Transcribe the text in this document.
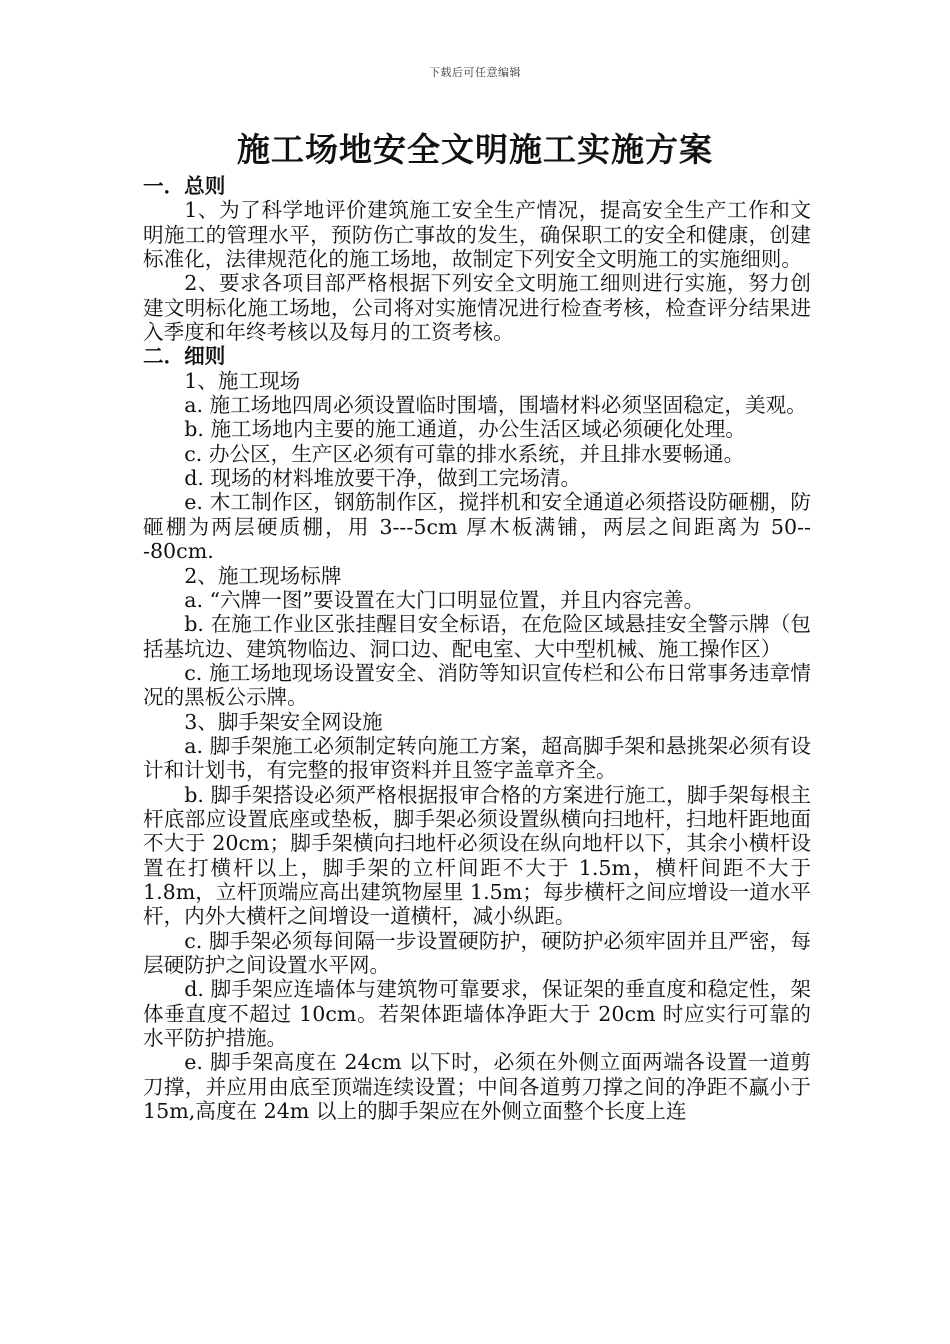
下载后可任意编辑
施工场地安全文明施工实施方案

一．总则

1、为了科学地评价建筑施工安全生产情况，提高安全生产工作和文明施工的管理水平，预防伤亡事故的发生，确保职工的安全和健康，创建标准化，法律规范化的施工场地，故制定下列安全文明施工的实施细则。

2、要求各项目部严格根据下列安全文明施工细则进行实施，努力创建文明标化施工场地，公司将对实施情况进行检查考核，检查评分结果进入季度和年终考核以及每月的工资考核。

二．细则

1、施工现场

a. 施工场地四周必须设置临时围墙，围墙材料必须坚固稳定，美观。

b. 施工场地内主要的施工通道，办公生活区域必须硬化处理。

c. 办公区，生产区必须有可靠的排水系统，并且排水要畅通。

d. 现场的材料堆放要干净，做到工完场清。

e. 木工制作区，钢筋制作区，搅拌机和安全通道必须搭设防砸棚，防砸棚为两层硬质棚，用 3---5cm 厚木板满铺，两层之间距离为 50---80cm.

2、施工现场标牌

a. “六牌一图”要设置在大门口明显位置，并且内容完善。

b. 在施工作业区张挂醒目安全标语，在危险区域悬挂安全警示牌（包括基坑边、建筑物临边、洞口边、配电室、大中型机械、施工操作区）

c. 施工场地现场设置安全、消防等知识宣传栏和公布日常事务违章情况的黑板公示牌。

3、脚手架安全网设施

a. 脚手架施工必须制定转向施工方案，超高脚手架和悬挑架必须有设计和计划书，有完整的报审资料并且签字盖章齐全。

b. 脚手架搭设必须严格根据报审合格的方案进行施工，脚手架每根主杆底部应设置底座或垫板，脚手架必须设置纵横向扫地杆，扫地杆距地面不大于 20cm；脚手架横向扫地杆必须设在纵向地杆以下，其余小横杆设置在打横杆以上，脚手架的立杆间距不大于 1.5m，横杆间距不大于 1.8m，立杆顶端应高出建筑物屋里 1.5m；每步横杆之间应增设一道水平杆，内外大横杆之间增设一道横杆，减小纵距。

c. 脚手架必须每间隔一步设置硬防护，硬防护必须牢固并且严密，每层硬防护之间设置水平网。

d. 脚手架应连墙体与建筑物可靠要求，保证架的垂直度和稳定性，架体垂直度不超过 10cm。若架体距墙体净距大于 20cm 时应实行可靠的水平防护措施。

e. 脚手架高度在 24cm 以下时，必须在外侧立面两端各设置一道剪刀撑，并应用由底至顶端连续设置；中间各道剪刀撑之间的净距不赢小于 15m,高度在 24m 以上的脚手架应在外侧立面整个长度上连
